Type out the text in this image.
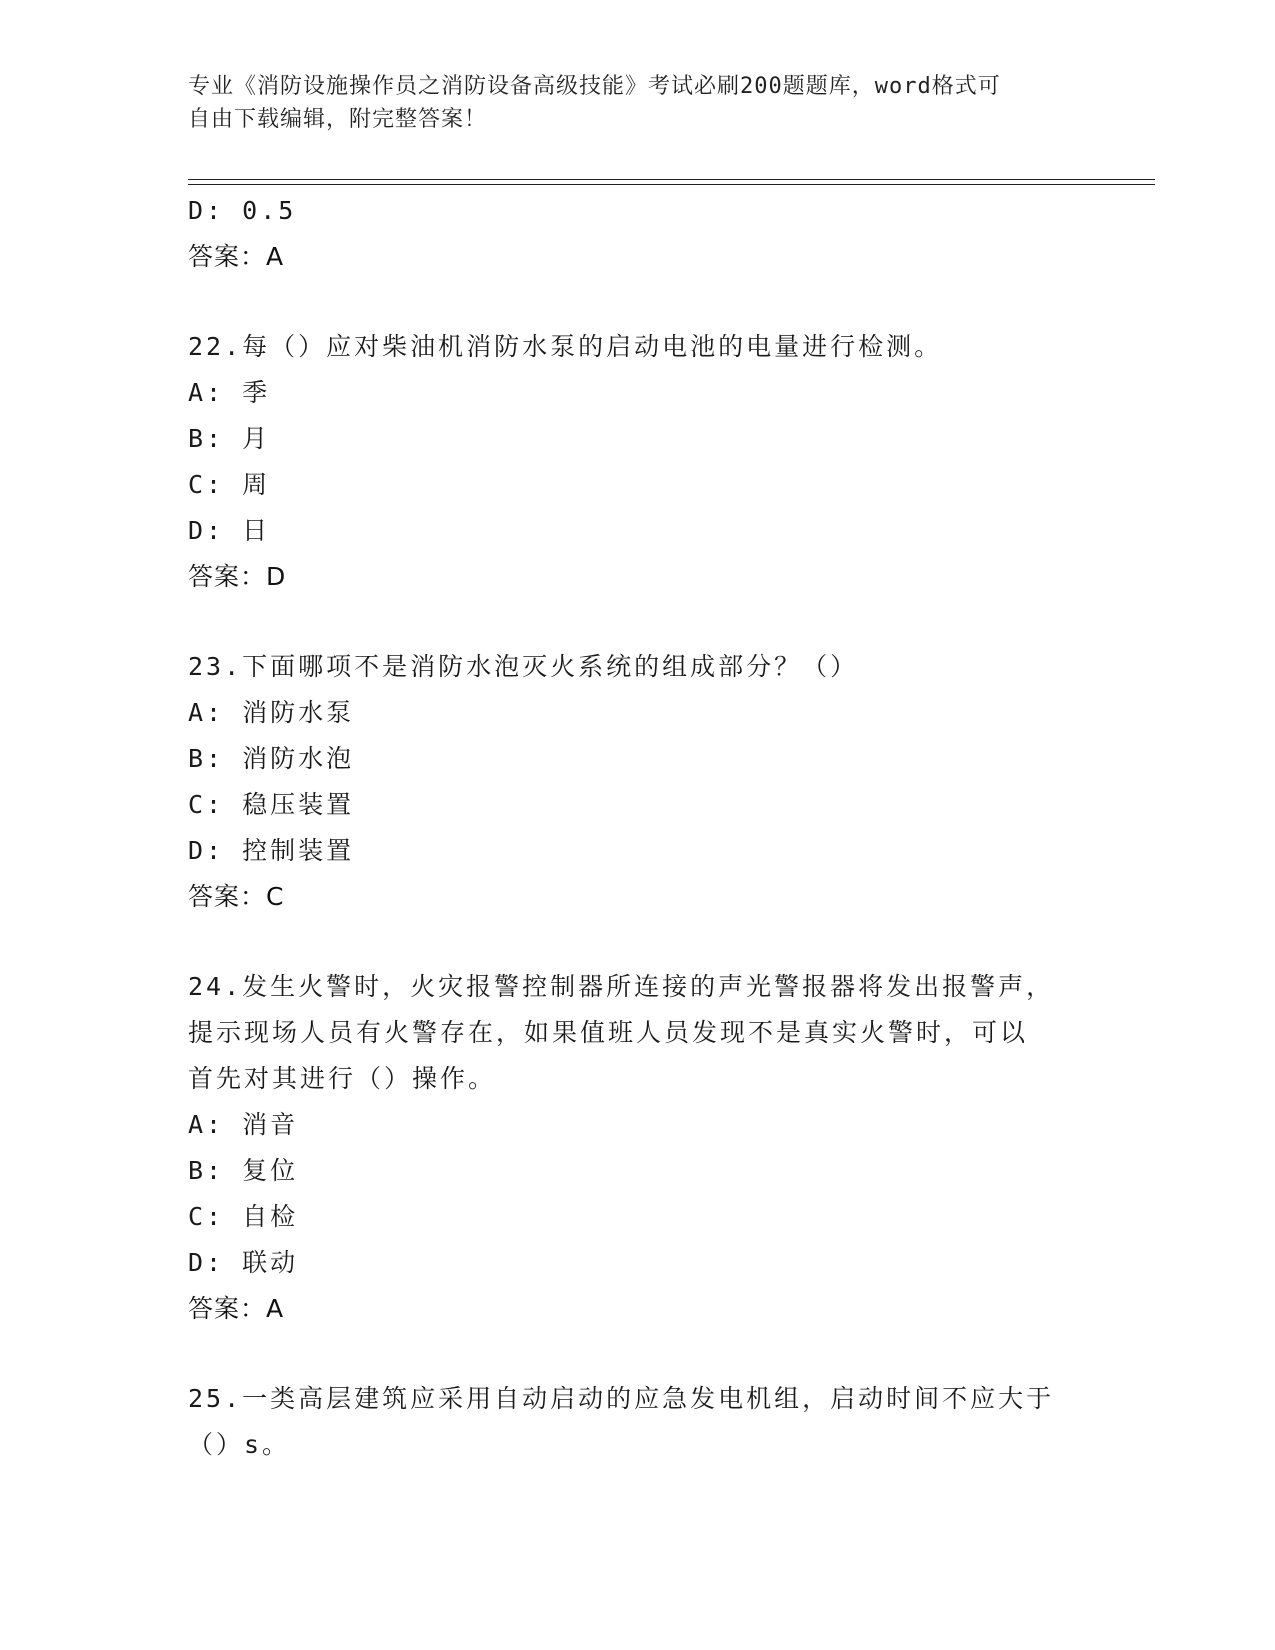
专业《消防设施操作员之消防设备高级技能》考试必刷200题题库，word格式可
自由下载编辑，附完整答案！
D: 0.5
答案：A
22.每（）应对柴油机消防水泵的启动电池的电量进行检测。
A: 季
B: 月
C: 周
D: 日
答案：D
23.下面哪项不是消防水泡灭火系统的组成部分？（）
A: 消防水泵
B: 消防水泡
C: 稳压装置
D: 控制装置
答案：C
24.发生火警时，火灾报警控制器所连接的声光警报器将发出报警声，
提示现场人员有火警存在，如果值班人员发现不是真实火警时，可以
首先对其进行（）操作。
A: 消音
B: 复位
C: 自检
D: 联动
答案：A
25.一类高层建筑应采用自动启动的应急发电机组，启动时间不应大于
（）s。
